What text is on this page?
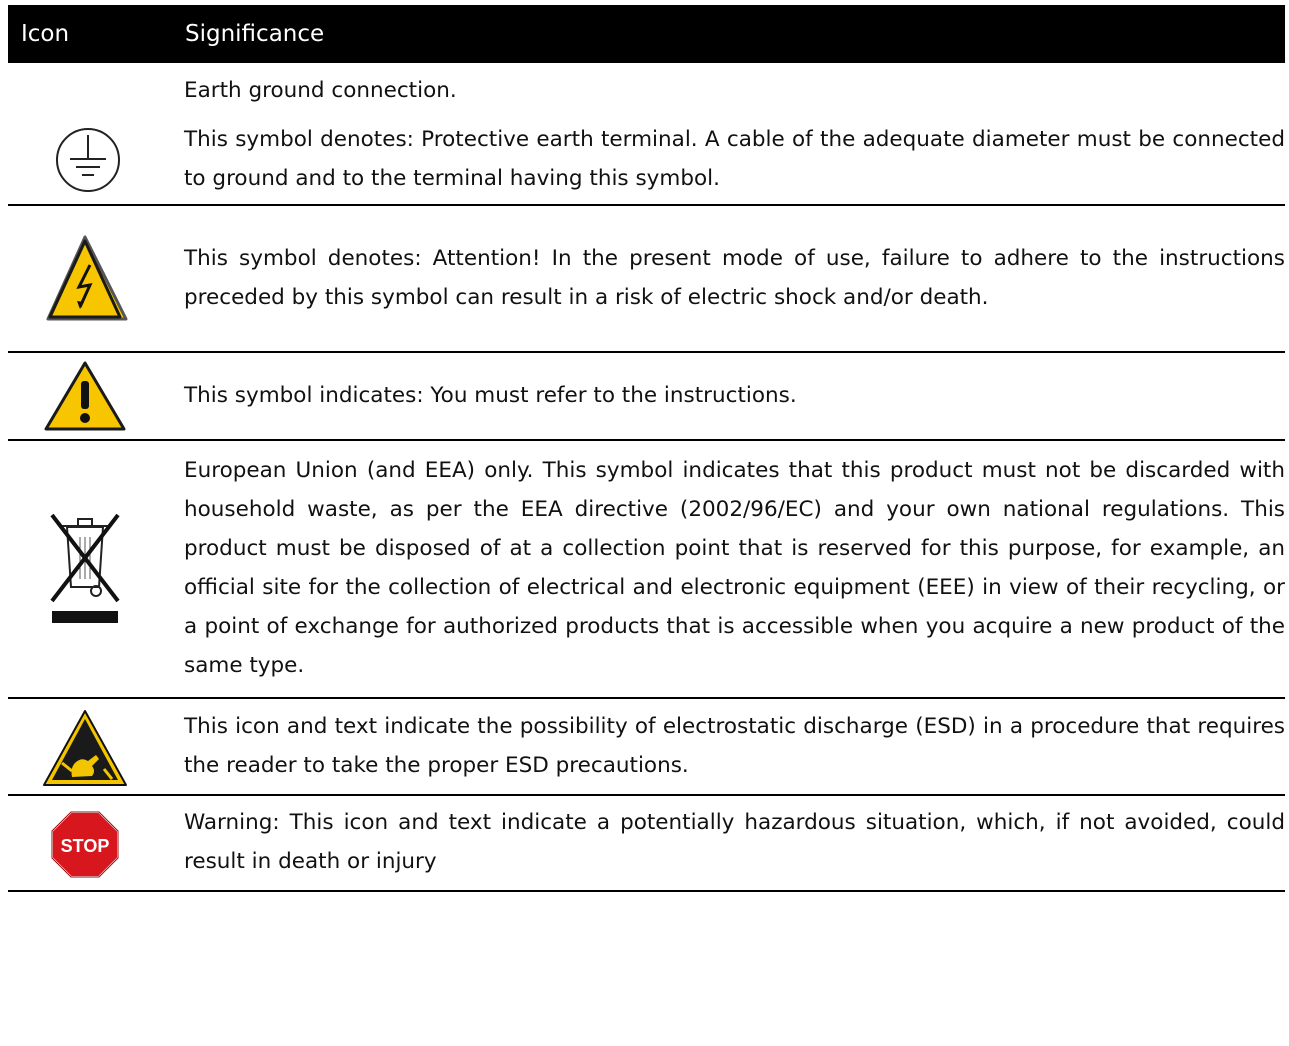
Icon	Significance
	Earth ground connection.

	This symbol denotes: Protective earth terminal. A cable of the adequate diameter must be connected to ground and to the terminal having this symbol.

	This symbol denotes: Attention! In the present mode of use, failure to adhere to the instructions preceded by this symbol can result in a risk of electric shock and/or death.

	This symbol indicates: You must refer to the instructions.

	European Union (and EEA) only. This symbol indicates that this product must not be discarded with household waste, as per the EEA directive (2002/96/EC) and your own national regulations. This product must be disposed of at a collection point that is reserved for this purpose, for example, an official site for the collection of electrical and electronic equipment (EEE) in view of their recycling, or a point of exchange for authorized products that is accessible when you acquire a new product of the same type.

	This icon and text indicate the possibility of electrostatic discharge (ESD) in a procedure that requires the reader to take the proper ESD precautions.

STOP	Warning: This icon and text indicate a potentially hazardous situation, which, if not avoided, could result in death or injury
